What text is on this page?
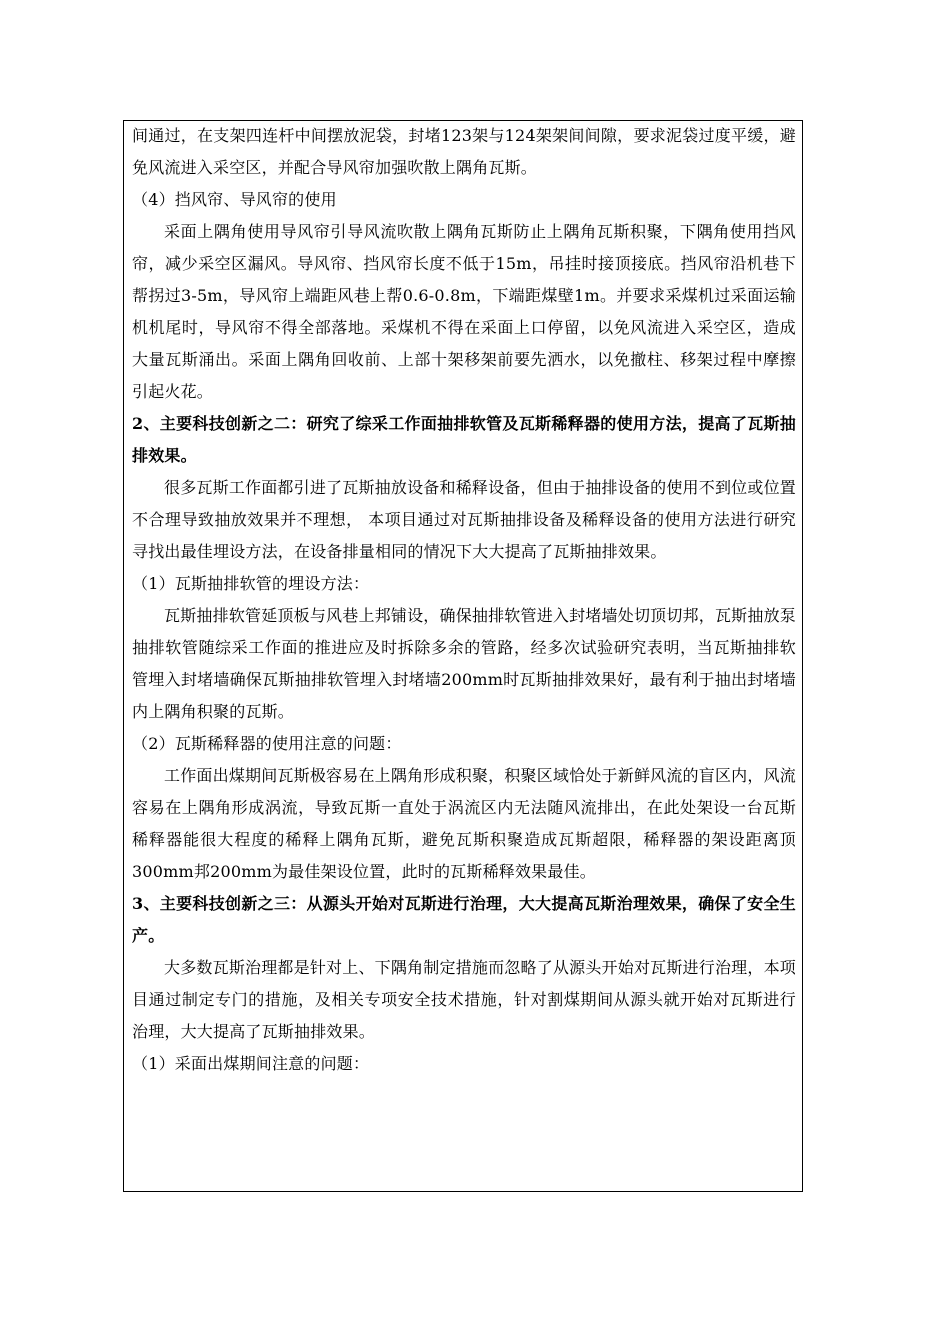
间通过，在支架四连杆中间摆放泥袋，封堵123架与124架架间间隙，要求泥袋过度平缓，避免风流进入采空区，并配合导风帘加强吹散上隅角瓦斯。

（4）挡风帘、导风帘的使用

采面上隅角使用导风帘引导风流吹散上隅角瓦斯防止上隅角瓦斯积聚，下隅角使用挡风帘，减少采空区漏风。导风帘、挡风帘长度不低于15m，吊挂时接顶接底。挡风帘沿机巷下帮拐过3-5m，导风帘上端距风巷上帮0.6-0.8m，下端距煤壁1m。并要求采煤机过采面运输机机尾时，导风帘不得全部落地。采煤机不得在采面上口停留，以免风流进入采空区，造成大量瓦斯涌出。采面上隅角回收前、上部十架移架前要先洒水，以免撤柱、移架过程中摩擦引起火花。

2、主要科技创新之二：研究了综采工作面抽排软管及瓦斯稀释器的使用方法，提高了瓦斯抽排效果。

很多瓦斯工作面都引进了瓦斯抽放设备和稀释设备，但由于抽排设备的使用不到位或位置不合理导致抽放效果并不理想， 本项目通过对瓦斯抽排设备及稀释设备的使用方法进行研究寻找出最佳埋设方法，在设备排量相同的情况下大大提高了瓦斯抽排效果。

（1）瓦斯抽排软管的埋设方法：

瓦斯抽排软管延顶板与风巷上邦铺设，确保抽排软管进入封堵墙处切顶切邦，瓦斯抽放泵抽排软管随综采工作面的推进应及时拆除多余的管路，经多次试验研究表明，当瓦斯抽排软管埋入封堵墙确保瓦斯抽排软管埋入封堵墙200mm时瓦斯抽排效果好，最有利于抽出封堵墙内上隅角积聚的瓦斯。

（2）瓦斯稀释器的使用注意的问题：

工作面出煤期间瓦斯极容易在上隅角形成积聚，积聚区域恰处于新鲜风流的盲区内，风流容易在上隅角形成涡流，导致瓦斯一直处于涡流区内无法随风流排出，在此处架设一台瓦斯稀释器能很大程度的稀释上隅角瓦斯，避免瓦斯积聚造成瓦斯超限，稀释器的架设距离顶300mm邦200mm为最佳架设位置，此时的瓦斯稀释效果最佳。

3、主要科技创新之三：从源头开始对瓦斯进行治理，大大提高瓦斯治理效果，确保了安全生产。

大多数瓦斯治理都是针对上、下隅角制定措施而忽略了从源头开始对瓦斯进行治理，本项目通过制定专门的措施，及相关专项安全技术措施，针对割煤期间从源头就开始对瓦斯进行治理，大大提高了瓦斯抽排效果。

（1）采面出煤期间注意的问题：
